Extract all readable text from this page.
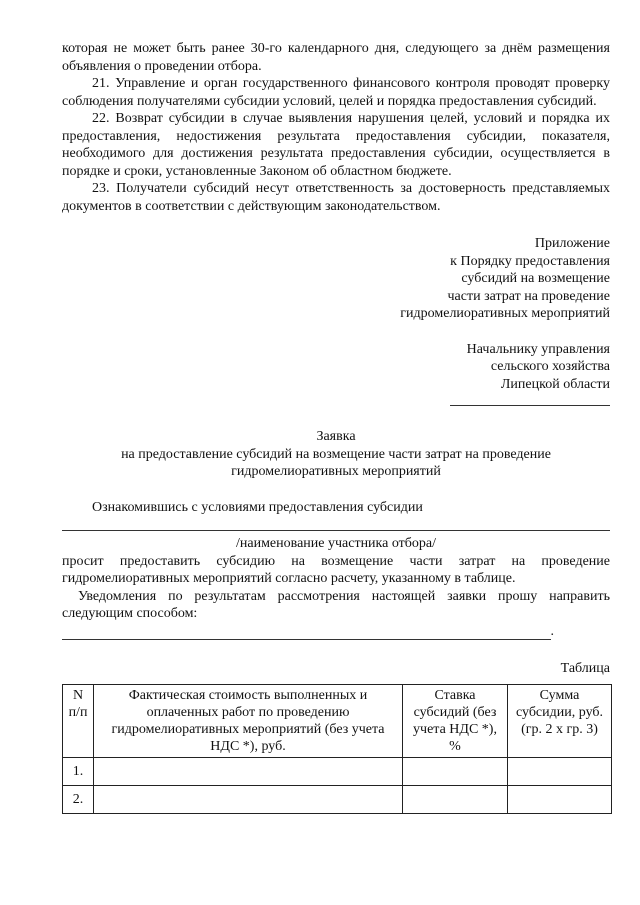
которая не может быть ранее 30-го календарного дня, следующего за днём размещения объявления о проведении отбора.

21. Управление и орган государственного финансового контроля проводят проверку соблюдения получателями субсидии условий, целей и порядка предоставления субсидий.

22. Возврат субсидии в случае выявления нарушения целей, условий и порядка их предоставления, недостижения результата предоставления субсидии, показателя, необходимого для достижения результата предоставления субсидии, осуществляется в порядке и сроки, установленные Законом об областном бюджете.

23. Получатели субсидий несут ответственность за достоверность представляемых документов в соответствии с действующим законодательством.

Приложение

к Порядку предоставления

субсидий на возмещение

части затрат на проведение

гидромелиоративных мероприятий

Начальнику управления

сельского хозяйства

Липецкой области

Заявка

на предоставление субсидий на возмещение части затрат на проведение

гидромелиоративных мероприятий

Ознакомившись с условиями предоставления субсидии

/наименование участника отбора/

просит предоставить субсидию на возмещение части затрат на проведение гидромелиоративных мероприятий согласно расчету, указанному в таблице.

Уведомления по результатам рассмотрения настоящей заявки прошу направить следующим способом:

.

Таблица

N п/п	Фактическая стоимость выполненных и оплаченных работ по проведению гидромелиоративных мероприятий (без учета НДС *), руб.	Ставка субсидий (без учета НДС *), %	Сумма субсидии, руб. (гр. 2 x гр. 3)
1.			
2.			
